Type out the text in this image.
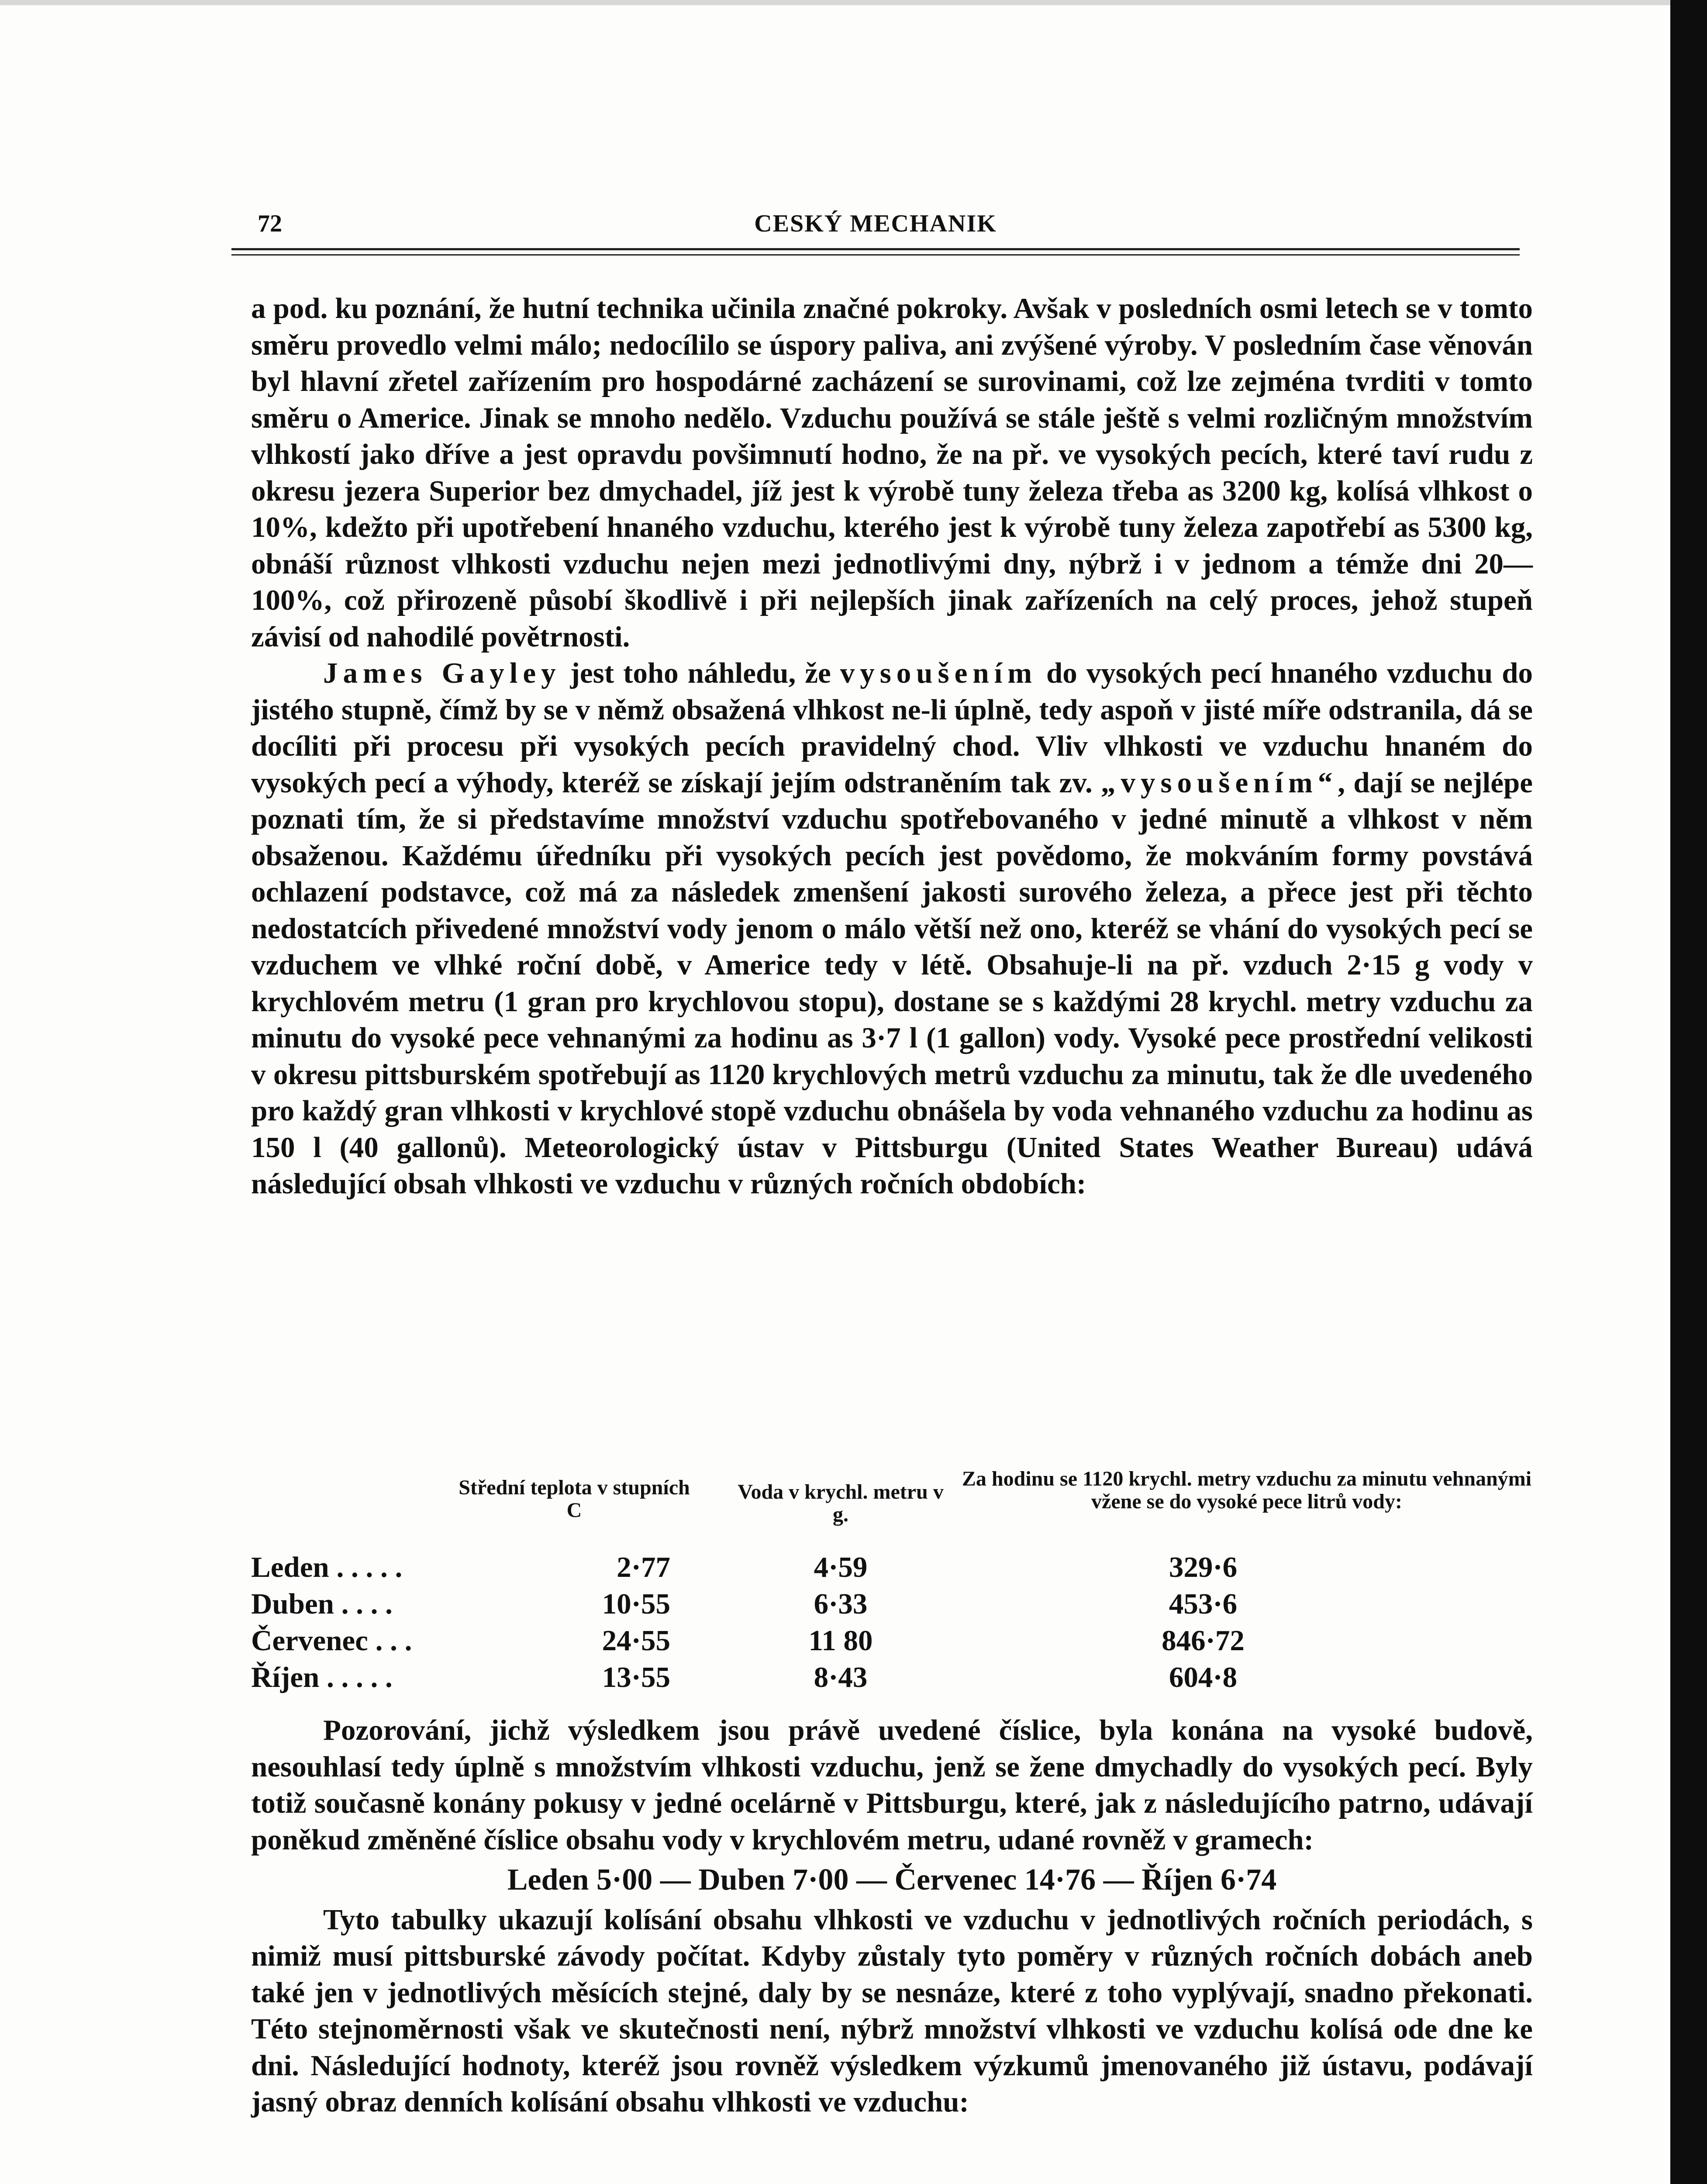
72	CESKÝ MECHANIK

a pod. ku poznání, že hutní technika učinila značné pokroky. Avšak v posledních osmi letech se v tomto směru provedlo velmi málo; nedocílilo se úspory paliva, ani zvýšené výroby. V posledním čase věnován byl hlavní zřetel zařízením pro hospodárné zacházení se surovinami, což lze zejména tvrditi v tomto směru o Americe. Jinak se mnoho nedělo. Vzduchu používá se stále ještě s velmi rozličným množstvím vlhkostí jako dříve a jest opravdu povšimnutí hodno, že na př. ve vysokých pecích, které taví rudu z okresu jezera Superior bez dmychadel, jíž jest k výrobě tuny železa třeba as 3200 kg, kolísá vlhkost o 10%, kdežto při upotřebení hnaného vzduchu, kterého jest k výrobě tuny železa zapotřebí as 5300 kg, obnáší různost vlhkosti vzduchu nejen mezi jednotlivými dny, nýbrž i v jednom a témže dni 20—100%, což přirozeně působí škodlivě i při nejlepších jinak zařízeních na celý proces, jehož stupeň závisí od nahodilé povětrnosti.

James Gayley jest toho náhledu, že vysoušením do vysokých pecí hnaného vzduchu do jistého stupně, čímž by se v němž obsažená vlhkost ne-li úplně, tedy aspoň v jisté míře odstranila, dá se docíliti při procesu při vysokých pecích pravidelný chod. Vliv vlhkosti ve vzduchu hnaném do vysokých pecí a výhody, kteréž se získají jejím odstraněním tak zv. „vysoušením“, dají se nejlépe poznati tím, že si představíme množství vzduchu spotřebovaného v jedné minutě a vlhkost v něm obsaženou. Každému úředníku při vysokých pecích jest povědomo, že mokváním formy povstává ochlazení podstavce, což má za následek zmenšení jakosti surového železa, a přece jest při těchto nedostatcích přivedené množství vody jenom o málo větší než ono, kteréž se vhání do vysokých pecí se vzduchem ve vlhké roční době, v Americe tedy v létě. Obsahuje-li na př. vzduch 2·15 g vody v krychlovém metru (1 gran pro krychlovou stopu), dostane se s každými 28 krychl. metry vzduchu za minutu do vysoké pece vehnanými za hodinu as 3·7 l (1 gallon) vody. Vysoké pece prostřední velikosti v okresu pittsburském spotřebují as 1120 krychlových metrů vzduchu za minutu, tak že dle uvedeného pro každý gran vlhkosti v krychlové stopě vzduchu obnášela by voda vehnaného vzduchu za hodinu as 150 l (40 gallonů). Meteorologický ústav v Pittsburgu (United States Weather Bureau) udává následující obsah vlhkosti ve vzduchu v různých ročních obdobích:

Střední teplota v stupních C
Voda v krychl. metru v g.
Za hodinu se 1120 krychl. metry vzduchu za minutu vehnanými vžene se do vysoké pece litrů vody:
Leden . . . . .	2·77	4·59	329·6
Duben . . . .	10·55	6·33	453·6
Červenec . . .	24·55	11 80	846·72
Říjen . . . . .	13·55	8·43	604·8

Pozorování, jichž výsledkem jsou právě uvedené číslice, byla konána na vysoké budově, nesouhlasí tedy úplně s množstvím vlhkosti vzduchu, jenž se žene dmychadly do vysokých pecí. Byly totiž současně konány pokusy v jedné ocelárně v Pittsburgu, které, jak z následujícího patrno, udávají poněkud změněné číslice obsahu vody v krychlovém metru, udané rovněž v gramech:

Leden 5·00 — Duben 7·00 — Červenec 14·76 — Říjen 6·74

Tyto tabulky ukazují kolísání obsahu vlhkosti ve vzduchu v jednotlivých ročních periodách, s nimiž musí pittsburské závody počítat. Kdyby zůstaly tyto poměry v různých ročních dobách aneb také jen v jednotlivých měsících stejné, daly by se nesnáze, které z toho vyplývají, snadno překonati. Této stejnoměrnosti však ve skutečnosti není, nýbrž množství vlhkosti ve vzduchu kolísá ode dne ke dni. Následující hodnoty, kteréž jsou rovněž výsledkem výzkumů jmenovaného již ústavu, podávají jasný obraz denních kolísání obsahu vlhkosti ve vzduchu:
